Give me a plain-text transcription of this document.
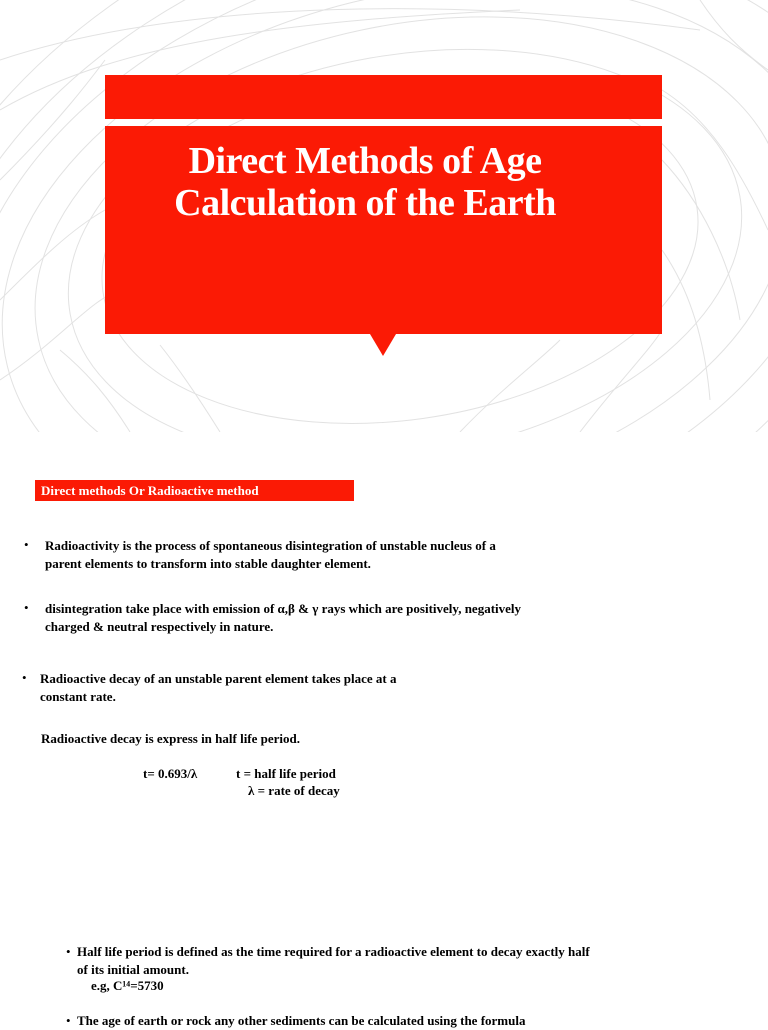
Direct Methods of Age
Calculation of the Earth
Direct methods Or Radioactive method
• Radioactivity is the process of spontaneous disintegration of unstable nucleus of a
parent elements to transform into stable daughter element.
• disintegration take place with emission of α,β & γ rays which are positively, negatively
charged & neutral respectively in nature.
• Radioactive decay of an unstable parent element takes place at a
constant rate.
Radioactive decay is express in half life period.
t= 0.693/λ	t = half life period
λ = rate of decay
• Half life period is defined as the time required for a radioactive element to decay exactly half
of its initial amount.
e.g, C¹⁴=5730
• The age of earth or rock any other sediments can be calculated using the formula
